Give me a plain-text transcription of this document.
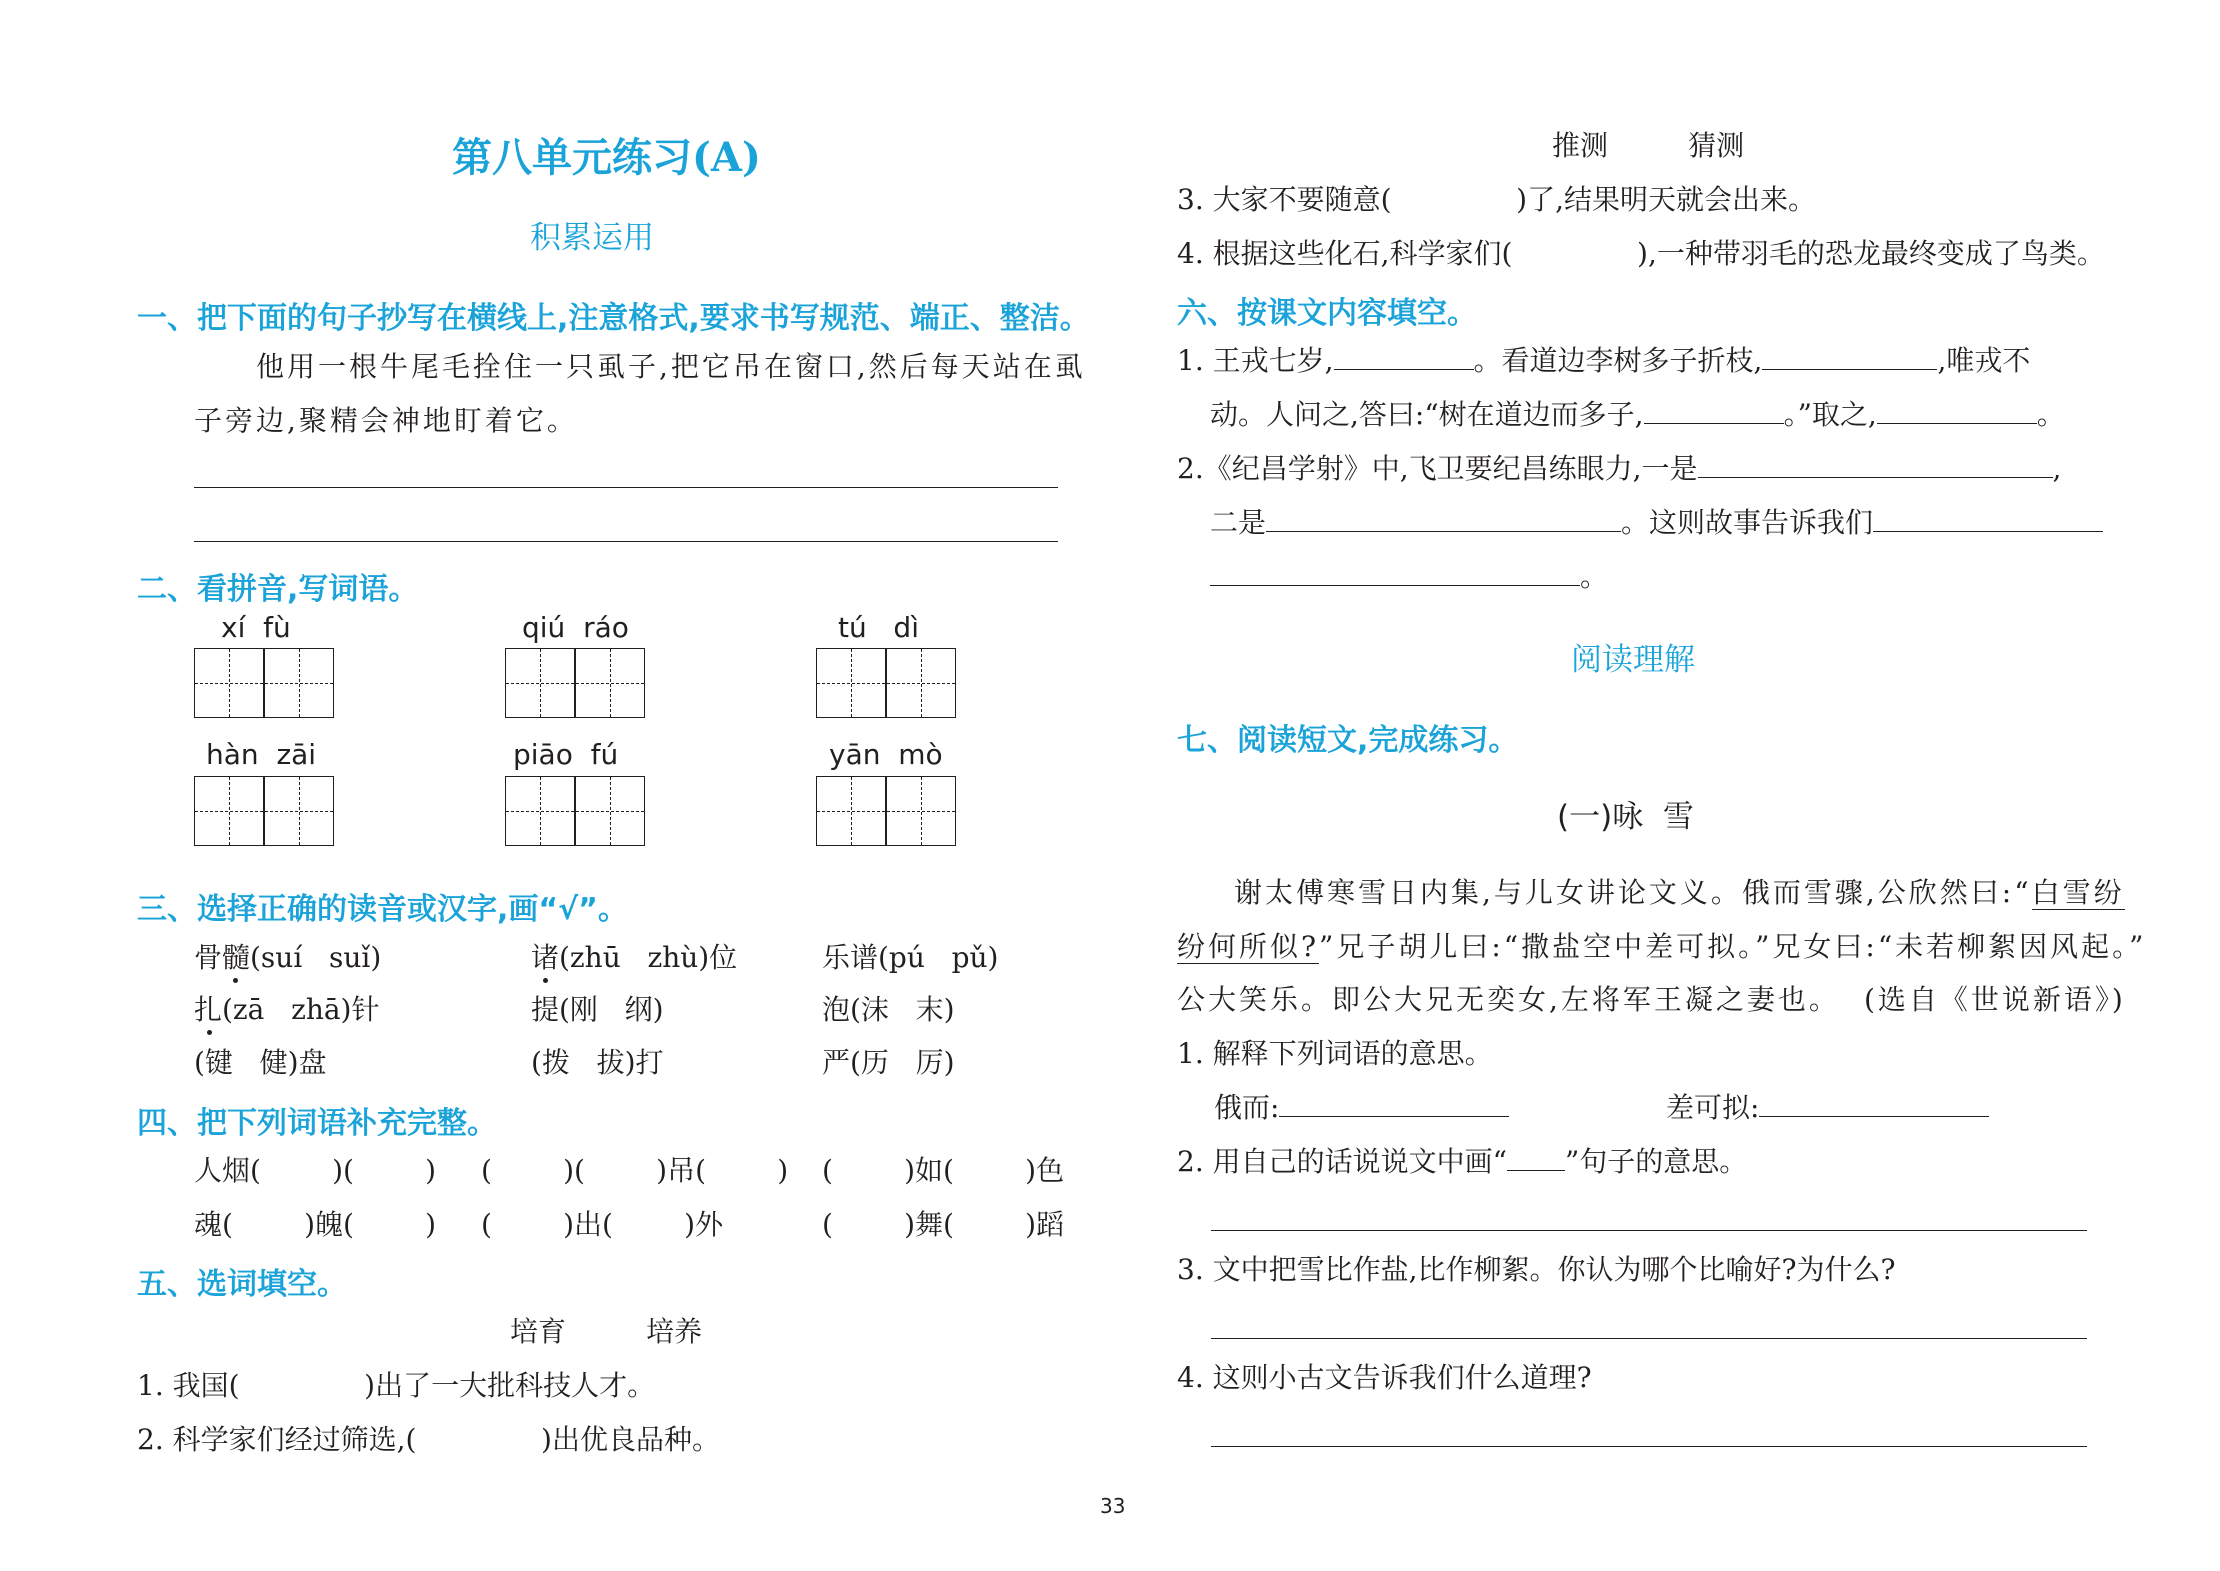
第八单元练习(A)
积累运用
一、把下面的句子抄写在横线上,注意格式,要求书写规范、端正、整洁。
他用一根牛尾毛拴住一只虱子,把它吊在窗口,然后每天站在虱
子旁边,聚精会神地盯着它。
二、看拼音,写词语。
xí  fù	qiú  ráo	tú   dì
hàn  zāi	piāo  fú	yān  mò
三、选择正确的读音或汉字,画“√”。
骨髓(suí   suǐ)	诸(zhū   zhù)位	乐谱(pú   pǔ)
扎(zā   zhā)针	提(刚   纲)	泡(沫   末)
(键   健)盘	(拨   拔)打	严(历   厉)
四、把下列词语补充完整。
人烟(        )(        ) (        )(        )吊(        ) (        )如(        )色
魂(        )魄(        ) (        )出(        )外	(        )舞(        )蹈
五、选词填空。
培育         培养
1. 我国(              )出了一大批科技人才。
2. 科学家们经过筛选,(              )出优良品种。
推测         猜测
3. 大家不要随意(              )了,结果明天就会出来。
4. 根据这些化石,科学家们(              ),一种带羽毛的恐龙最终变成了鸟类。
六、按课文内容填空。
1. 王戎七岁,	。看道边李树多子折枝,	,唯戎不
动。人问之,答曰:“树在道边而多子,	。”取之,	。
2.《纪昌学射》中,飞卫要纪昌练眼力,一是	,
二是	。这则故事告诉我们
。
阅读理解
七、阅读短文,完成练习。
(一)咏  雪
谢太傅寒雪日内集,与儿女讲论文义。俄而雪骤,公欣然曰:“白雪纷
纷何所似?”兄子胡儿曰:“撒盐空中差可拟。”兄女曰:“未若柳絮因风起。”
公大笑乐。即公大兄无奕女,左将军王凝之妻也。 (选自《世说新语》)
1. 解释下列词语的意思。
俄而:	差可拟:
2. 用自己的话说说文中画“ ”句子的意思。
3. 文中把雪比作盐,比作柳絮。你认为哪个比喻好?为什么?
4. 这则小古文告诉我们什么道理?
33
